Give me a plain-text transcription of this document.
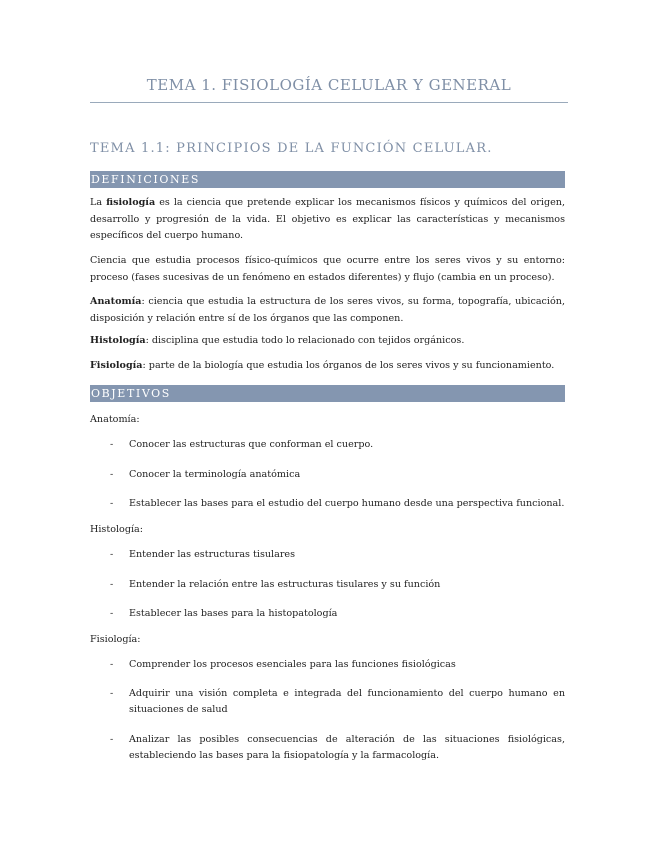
TEMA 1. FISIOLOGÍA CELULAR Y GENERAL
TEMA 1.1: PRINCIPIOS DE LA FUNCIÓN CELULAR.
DEFINICIONES
La fisiología es la ciencia que pretende explicar los mecanismos físicos y químicos del origen, desarrollo y progresión de la vida. El objetivo es explicar las características y mecanismos específicos del cuerpo humano.
Ciencia que estudia procesos físico-químicos que ocurre entre los seres vivos y su entorno: proceso (fases sucesivas de un fenómeno en estados diferentes) y flujo (cambia en un proceso).
Anatomía: ciencia que estudia la estructura de los seres vivos, su forma, topografía, ubicación, disposición y relación entre sí de los órganos que las componen.
Histología: disciplina que estudia todo lo relacionado con tejidos orgánicos.
Fisiología: parte de la biología que estudia los órganos de los seres vivos y su funcionamiento.
OBJETIVOS
Anatomía:
- Conocer las estructuras que conforman el cuerpo.
- Conocer la terminología anatómica
- Establecer las bases para el estudio del cuerpo humano desde una perspectiva funcional.
Histología:
- Entender las estructuras tisulares
- Entender la relación entre las estructuras tisulares y su función
- Establecer las bases para la histopatología
Fisiología:
- Comprender los procesos esenciales para las funciones fisiológicas
- Adquirir una visión completa e integrada del funcionamiento del cuerpo humano en situaciones de salud
- Analizar las posibles consecuencias de alteración de las situaciones fisiológicas, estableciendo las bases para la fisiopatología y la farmacología.
